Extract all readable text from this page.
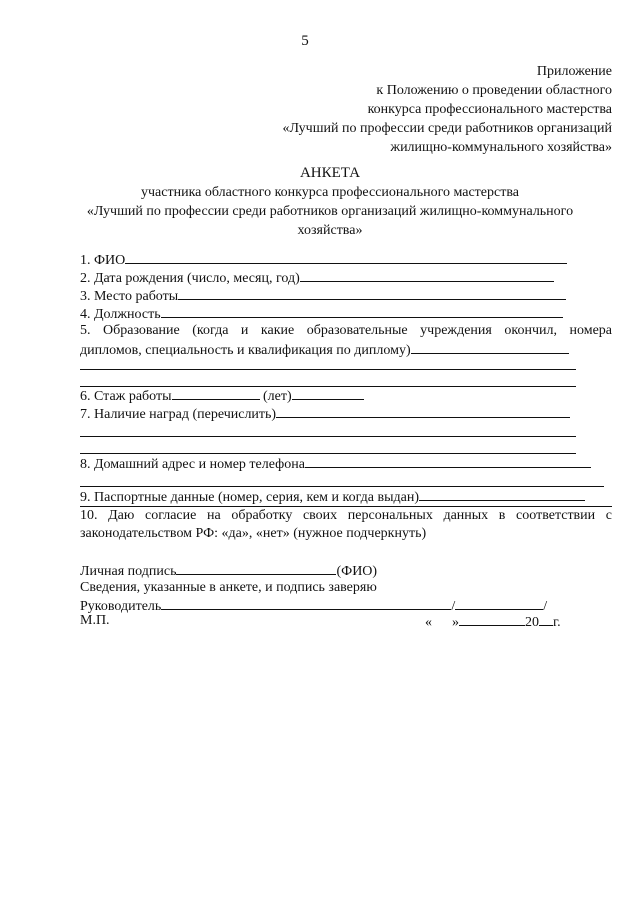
5
Приложение
к Положению о проведении областного
конкурса профессионального мастерства
«Лучший по профессии среди работников организаций
жилищно-коммунального хозяйства»
АНКЕТА
участника областного конкурса профессионального мастерства
«Лучший по профессии среди работников организаций жилищно-коммунального
хозяйства»
1. ФИО
2. Дата рождения (число, месяц, год)
3. Место работы
4. Должность
5. Образование (когда и какие образовательные учреждения окончил, номера
дипломов, специальность и квалификация по диплому)
6. Стаж работы	(лет)
7. Наличие наград (перечислить)
8. Домашний адрес и номер телефона
9. Паспортные данные (номер, серия, кем и когда выдан)
10. Даю согласие на обработку своих персональных данных в соответствии с
законодательством РФ: «да», «нет» (нужное подчеркнуть)
Личная подпись	(ФИО)
Сведения, указанные в анкете, и подпись заверяю
Руководитель	/	/
М.П.	« »	20 г.
